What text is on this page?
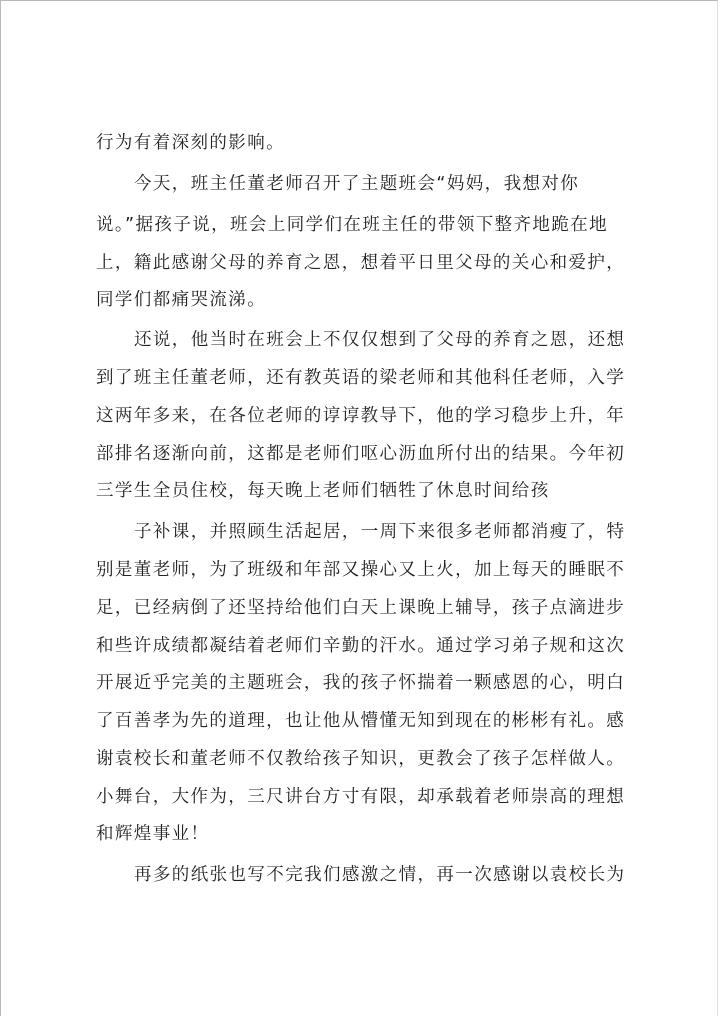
行为有着深刻的影响。
今天，班主任董老师召开了主题班会“妈妈，我想对你
说。”据孩子说，班会上同学们在班主任的带领下整齐地跪在地
上，籍此感谢父母的养育之恩，想着平日里父母的关心和爱护，
同学们都痛哭流涕。
还说，他当时在班会上不仅仅想到了父母的养育之恩，还想
到了班主任董老师，还有教英语的梁老师和其他科任老师，入学
这两年多来，在各位老师的谆谆教导下，他的学习稳步上升，年
部排名逐渐向前，这都是老师们呕心沥血所付出的结果。今年初
三学生全员住校，每天晚上老师们牺牲了休息时间给孩
子补课，并照顾生活起居，一周下来很多老师都消瘦了，特
别是董老师，为了班级和年部又操心又上火，加上每天的睡眠不
足，已经病倒了还坚持给他们白天上课晚上辅导，孩子点滴进步
和些许成绩都凝结着老师们辛勤的汗水。通过学习弟子规和这次
开展近乎完美的主题班会，我的孩子怀揣着一颗感恩的心，明白
了百善孝为先的道理，也让他从懵懂无知到现在的彬彬有礼。感
谢袁校长和董老师不仅教给孩子知识，更教会了孩子怎样做人。
小舞台，大作为，三尺讲台方寸有限，却承载着老师崇高的理想
和辉煌事业！
再多的纸张也写不完我们感激之情，再一次感谢以袁校长为
